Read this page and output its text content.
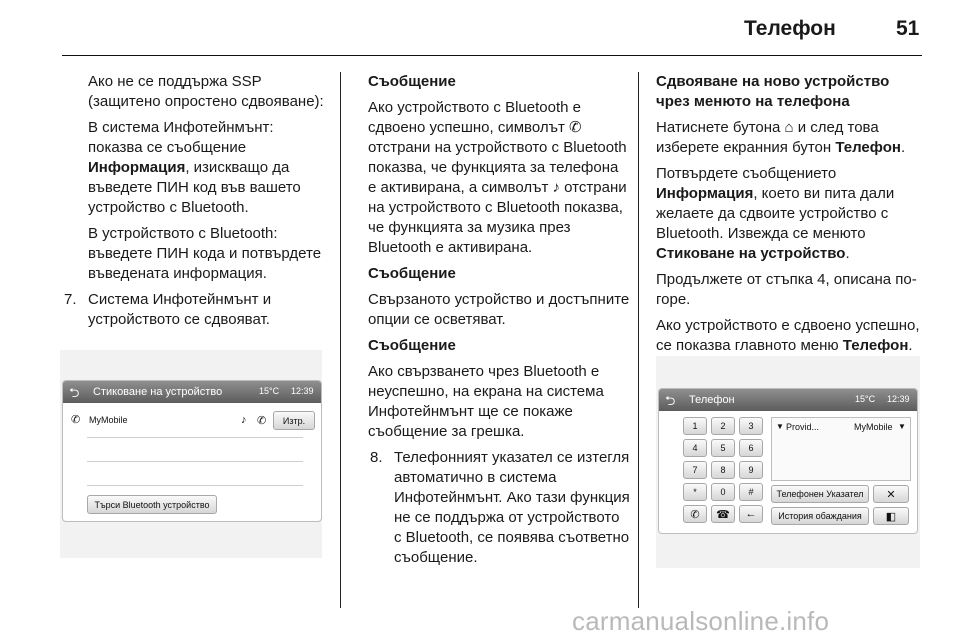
Телефон	51

Ако не се поддържа SSP (защитено опростено сдвояване):

В система Инфотейнмънт: показва се съобщение Информация, изискващо да въведете ПИН код във вашето устройство с Bluetooth.

В устройството с Bluetooth: въведете ПИН кода и потвърдете въведената информация.

7. Система Инфотейнмънт и устройството се сдвояват.

⮌ Стиковане на устройство	15°C 12:39
✆ MyMobile	♪ ✆	Изтр.
Търси Bluetooth устройство

Съобщение

Ако устройството с Bluetooth е сдвоено успешно, символът ✆ отстрани на устройството с Bluetooth показва, че функцията за телефона е активирана, а символът ♪ отстрани на устройството с Bluetooth показва, че функцията за музика през Bluetooth е активирана.

Съобщение

Свързаното устройство и достъпните опции се осветяват.

Съобщение

Ако свързването чрез Bluetooth е неуспешно, на екрана на система Инфотейнмънт ще се покаже съобщение за грешка.

8. Телефонният указател се изтегля автоматично в система Инфотейнмънт. Ако тази функция не се поддържа от устройството с Bluetooth, се появява съответно съобщение.

Сдвояване на ново устройство чрез менюто на телефона

Натиснете бутона ⌂ и след това изберете екранния бутон Телефон.

Потвърдете съобщението Информация, което ви пита дали желаете да сдвоите устройство с Bluetooth. Извежда се менюто Стиковане на устройство.

Продължете от стъпка 4, описана по-горе.

Ако устройството е сдвоено успешно, се показва главното меню Телефон.

⮌ Телефон	15°C 12:39
1	2	3
4	5	6
7	8	9
*	0	#
✆	☎	←
▼ Provid...	MyMobile ▼
Телефонен Указател	✕
История обаждания	◧
carmanualsonline.info
